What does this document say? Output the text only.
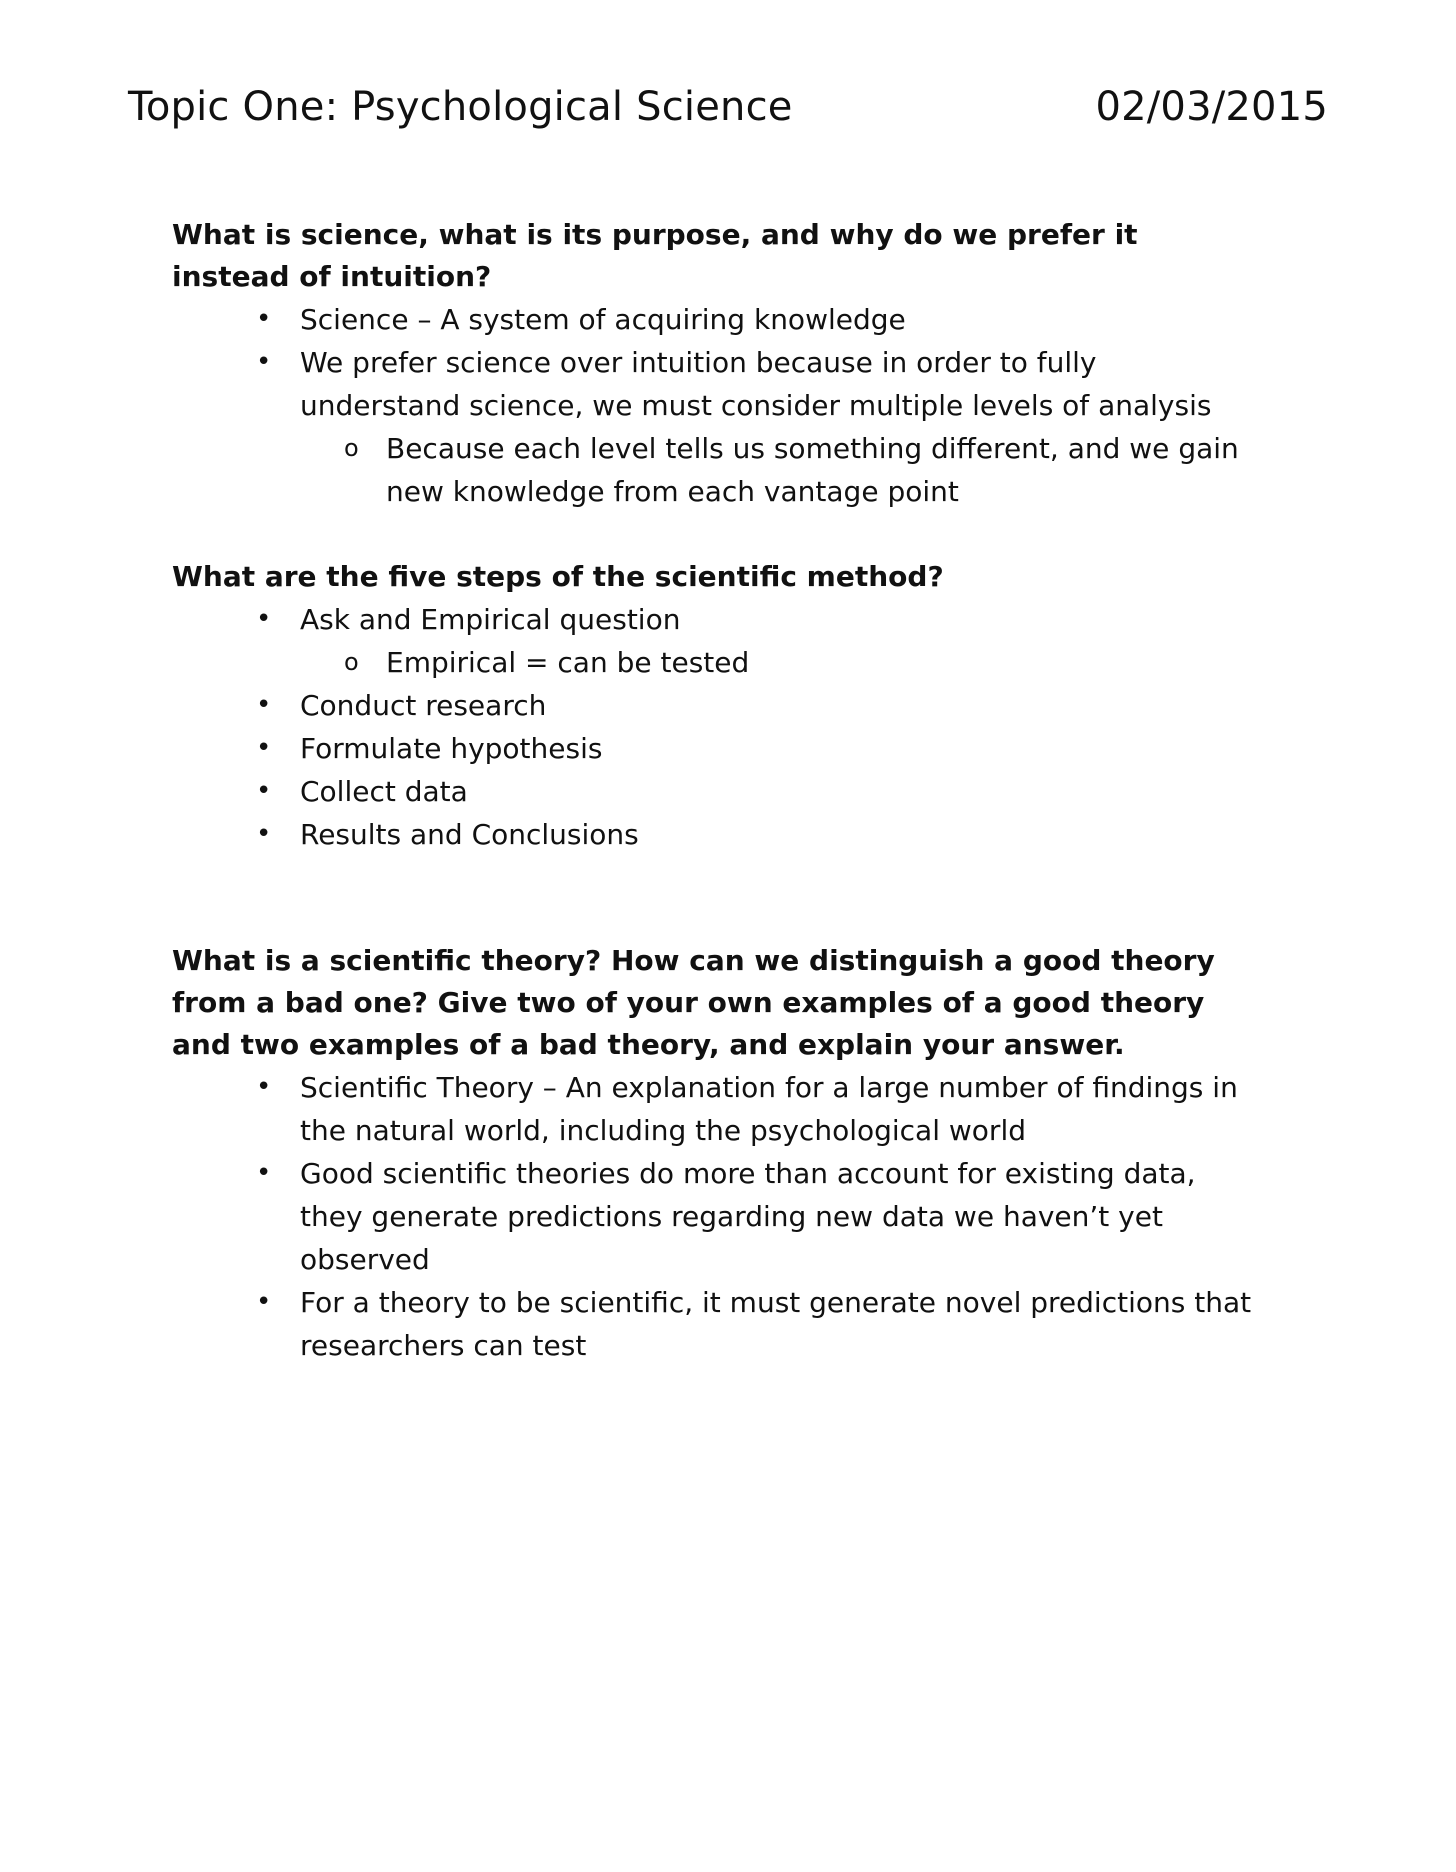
Topic One: Psychological Science	02/03/2015

What is science, what is its purpose, and why do we prefer it
instead of intuition?

• Science – A system of acquiring knowledge
• We prefer science over intuition because in order to fully
understand science, we must consider multiple levels of analysis
o Because each level tells us something different, and we gain
new knowledge from each vantage point

What are the five steps of the scientific method?

• Ask and Empirical question
o Empirical = can be tested
• Conduct research
• Formulate hypothesis
• Collect data
• Results and Conclusions

What is a scientific theory? How can we distinguish a good theory
from a bad one? Give two of your own examples of a good theory
and two examples of a bad theory, and explain your answer.

• Scientific Theory – An explanation for a large number of findings in
the natural world, including the psychological world
• Good scientific theories do more than account for existing data,
they generate predictions regarding new data we haven’t yet
observed
• For a theory to be scientific, it must generate novel predictions that
researchers can test
